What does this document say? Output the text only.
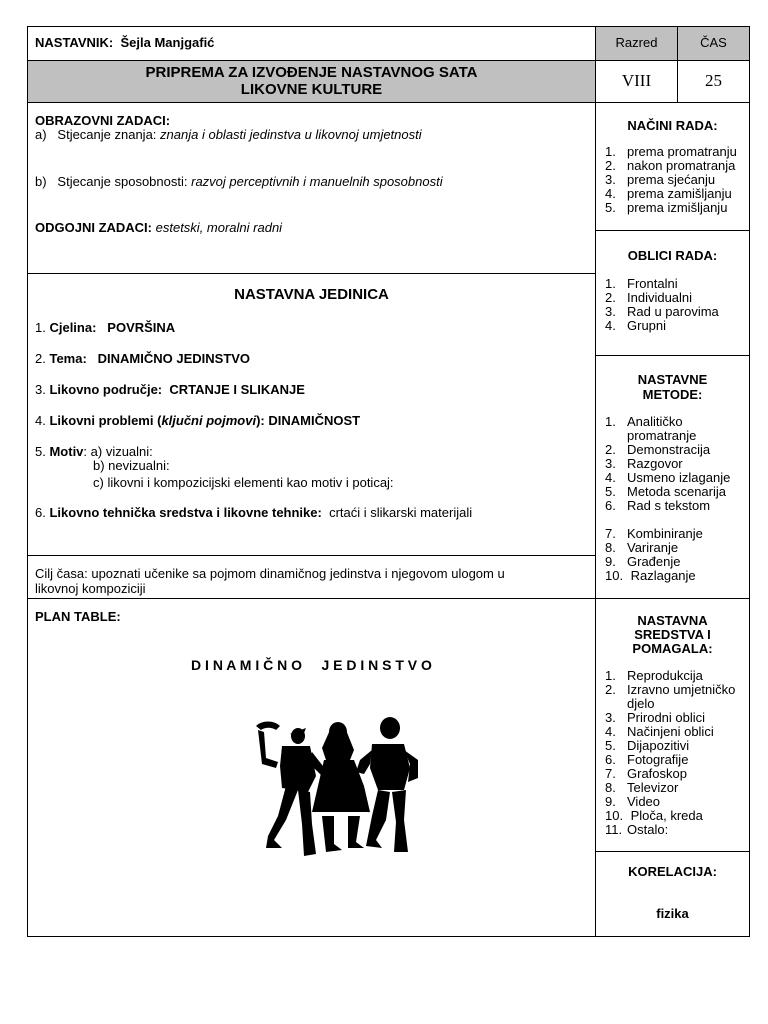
NASTAVNIK: Šejla Manjgafić	Razred	ČAS
PRIPREMA ZA IZVOĐENJE NASTAVNOG SATA
LIKOVNE KULTURE	VIII	25
OBRAZOVNI ZADACI:
a) Stjecanje znanja: znanja i oblasti jedinstva u likovnoj umjetnosti
b) Stjecanje sposobnosti: razvoj perceptivnih i manuelnih sposobnosti
ODGOJNI ZADACI: estetski, moralni radni
NASTAVNA JEDINICA
1. Cjelina: POVRŠINA
2. Tema: DINAMIČNO JEDINSTVO
3. Likovno područje: CRTANJE I SLIKANJE
4. Likovni problemi (ključni pojmovi): DINAMIČNOST
5. Motiv: a) vizualni:
b) nevizualni:
c) likovni i kompozicijski elementi kao motiv i poticaj:
6. Likovno tehnička sredstva i likovne tehnike: crtaći i slikarski materijali
Cilj časa: upoznati učenike sa pojmom dinamičnog jedinstva i njegovom ulogom u
likovnoj kompoziciji
PLAN TABLE:
D I N A M I Č N O     J E D I N S T V O
NAČINI RADA:
1. prema promatranju
2. nakon promatranja
3. prema sjećanju
4. prema zamišljanju
5. prema izmišljanju
OBLICI RADA:
1. Frontalni
2. Individualni
3. Rad u parovima
4. Grupni
NASTAVNE
METODE:
1. Analitičko
promatranje
2. Demonstracija
3. Razgovor
4. Usmeno izlaganje
5. Metoda scenarija
6. Rad s tekstom
7. Kombiniranje
8. Variranje
9. Građenje
10. Razlaganje
NASTAVNA
SREDSTVA I
POMAGALA:
1. Reprodukcija
2. Izravno umjetničko
djelo
3. Prirodni oblici
4. Načinjeni oblici
5. Dijapozitivi
6. Fotografije
7. Grafoskop
8. Televizor
9. Video
10. Ploča, kreda
11. Ostalo:
KORELACIJA:
fizika
